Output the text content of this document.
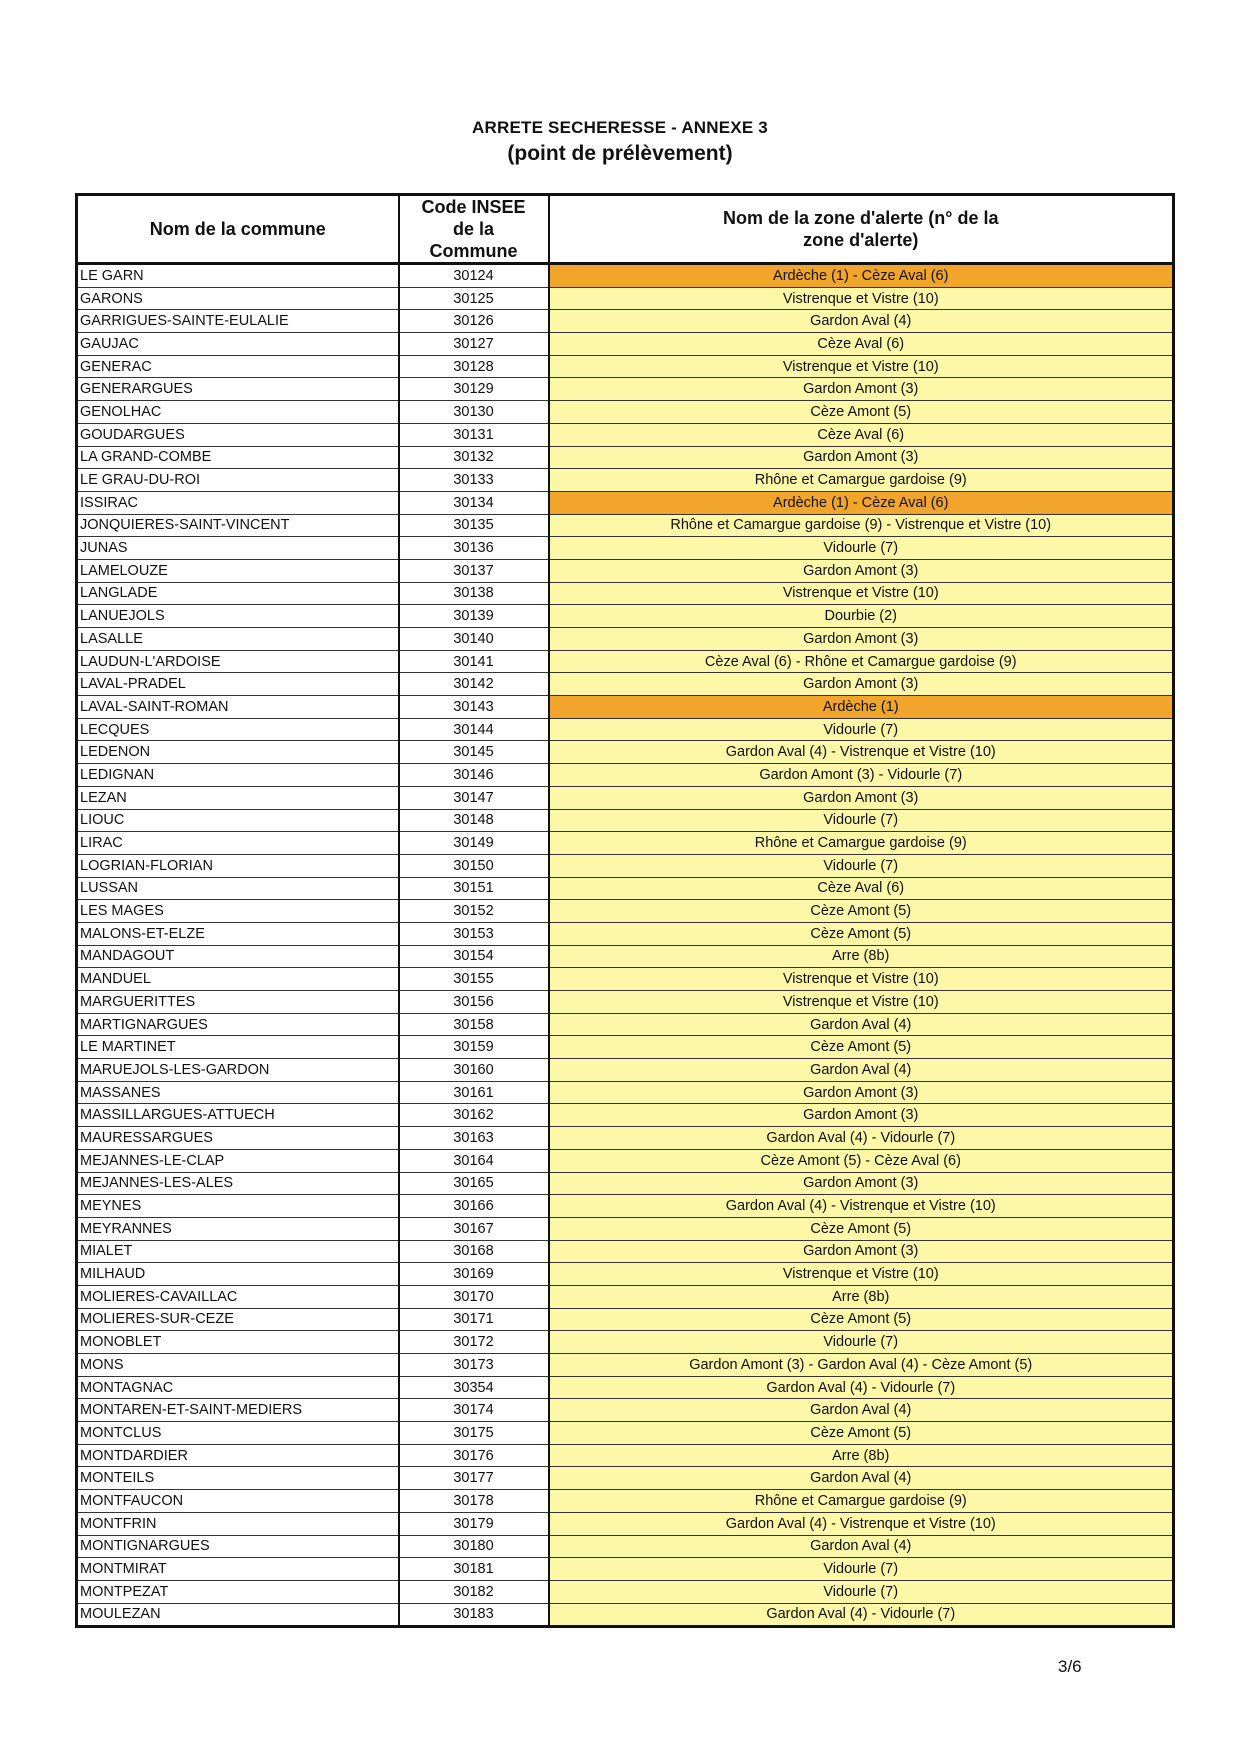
ARRETE SECHERESSE - ANNEXE 3
(point de prélèvement)
Nom de la commune	Code INSEE de la Commune	Nom de la zone d'alerte (n° de la zone d'alerte)

LE GARN	30124	Ardèche (1) - Cèze Aval (6)
GARONS	30125	Vistrenque et Vistre (10)
GARRIGUES-SAINTE-EULALIE	30126	Gardon Aval (4)
GAUJAC	30127	Cèze Aval (6)
GENERAC	30128	Vistrenque et Vistre (10)
GENERARGUES	30129	Gardon Amont (3)
GENOLHAC	30130	Cèze Amont (5)
GOUDARGUES	30131	Cèze Aval (6)
LA GRAND-COMBE	30132	Gardon Amont (3)
LE GRAU-DU-ROI	30133	Rhône et Camargue gardoise (9)
ISSIRAC	30134	Ardèche (1) - Cèze Aval (6)
JONQUIERES-SAINT-VINCENT	30135	Rhône et Camargue gardoise (9) - Vistrenque et Vistre (10)
JUNAS	30136	Vidourle (7)
LAMELOUZE	30137	Gardon Amont (3)
LANGLADE	30138	Vistrenque et Vistre (10)
LANUEJOLS	30139	Dourbie (2)
LASALLE	30140	Gardon Amont (3)
LAUDUN-L'ARDOISE	30141	Cèze Aval (6) - Rhône et Camargue gardoise (9)
LAVAL-PRADEL	30142	Gardon Amont (3)
LAVAL-SAINT-ROMAN	30143	Ardèche (1)
LECQUES	30144	Vidourle (7)
LEDENON	30145	Gardon Aval (4) - Vistrenque et Vistre (10)
LEDIGNAN	30146	Gardon Amont (3) - Vidourle (7)
LEZAN	30147	Gardon Amont (3)
LIOUC	30148	Vidourle (7)
LIRAC	30149	Rhône et Camargue gardoise (9)
LOGRIAN-FLORIAN	30150	Vidourle (7)
LUSSAN	30151	Cèze Aval (6)
LES MAGES	30152	Cèze Amont (5)
MALONS-ET-ELZE	30153	Cèze Amont (5)
MANDAGOUT	30154	Arre (8b)
MANDUEL	30155	Vistrenque et Vistre (10)
MARGUERITTES	30156	Vistrenque et Vistre (10)
MARTIGNARGUES	30158	Gardon Aval (4)
LE MARTINET	30159	Cèze Amont (5)
MARUEJOLS-LES-GARDON	30160	Gardon Aval (4)
MASSANES	30161	Gardon Amont (3)
MASSILLARGUES-ATTUECH	30162	Gardon Amont (3)
MAURESSARGUES	30163	Gardon Aval (4) - Vidourle (7)
MEJANNES-LE-CLAP	30164	Cèze Amont (5) - Cèze Aval (6)
MEJANNES-LES-ALES	30165	Gardon Amont (3)
MEYNES	30166	Gardon Aval (4) - Vistrenque et Vistre (10)
MEYRANNES	30167	Cèze Amont (5)
MIALET	30168	Gardon Amont (3)
MILHAUD	30169	Vistrenque et Vistre (10)
MOLIERES-CAVAILLAC	30170	Arre (8b)
MOLIERES-SUR-CEZE	30171	Cèze Amont (5)
MONOBLET	30172	Vidourle (7)
MONS	30173	Gardon Amont (3) - Gardon Aval (4) - Cèze Amont (5)
MONTAGNAC	30354	Gardon Aval (4) - Vidourle (7)
MONTAREN-ET-SAINT-MEDIERS	30174	Gardon Aval (4)
MONTCLUS	30175	Cèze Amont (5)
MONTDARDIER	30176	Arre (8b)
MONTEILS	30177	Gardon Aval (4)
MONTFAUCON	30178	Rhône et Camargue gardoise (9)
MONTFRIN	30179	Gardon Aval (4) - Vistrenque et Vistre (10)
MONTIGNARGUES	30180	Gardon Aval (4)
MONTMIRAT	30181	Vidourle (7)
MONTPEZAT	30182	Vidourle (7)
MOULEZAN	30183	Gardon Aval (4) - Vidourle (7)
3/6
